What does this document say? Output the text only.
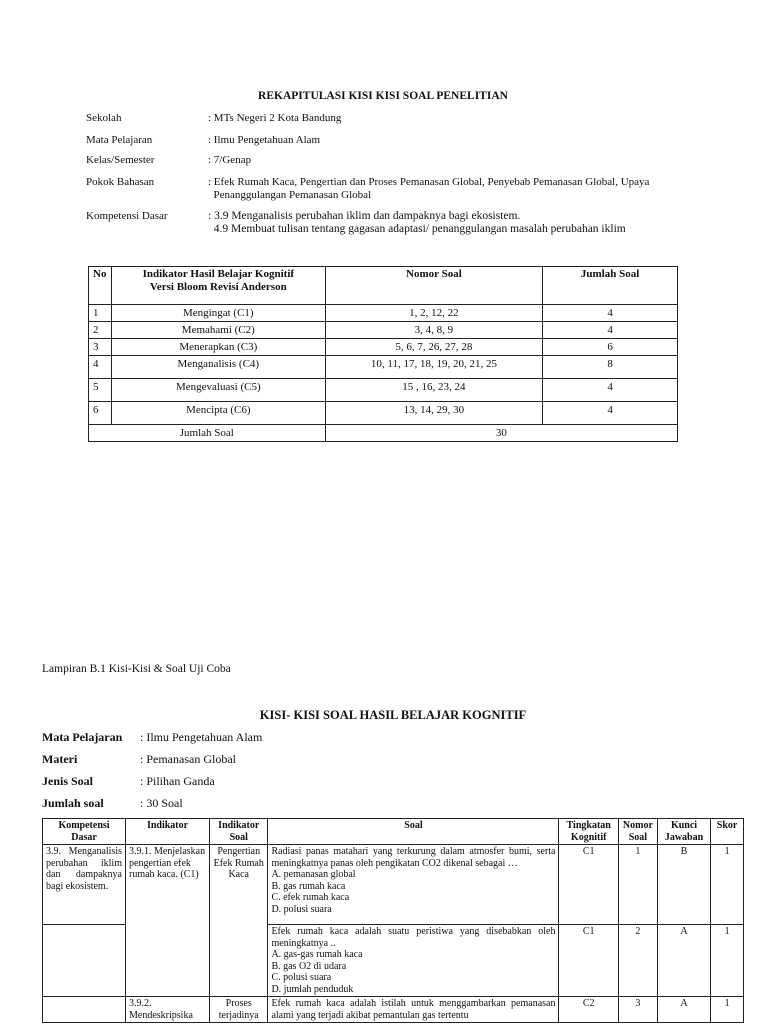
REKAPITULASI KISI KISI SOAL PENELITIAN
Sekolah	: MTs Negeri 2 Kota Bandung
Mata Pelajaran	: Ilmu Pengetahuan Alam
Kelas/Semester	: 7/Genap
Pokok Bahasan	: Efek Rumah Kaca, Pengertian dan Proses Pemanasan Global, Penyebab Pemanasan Global, Upaya
Penanggulangan Pemanasan Global
Kompetensi Dasar	: 3.9 Menganalisis perubahan iklim dan dampaknya bagi ekosistem.
4.9 Membuat tulisan tentang gagasan adaptasi/ penanggulangan masalah perubahan iklim
No	Indikator Hasil Belajar Kognitif
Versi Bloom Revisi Anderson	Nomor Soal	Jumlah Soal
1	Mengingat (C1)	1, 2, 12, 22	4
2	Memahami (C2)	3, 4, 8, 9	4
3	Menerapkan (C3)	5, 6, 7, 26, 27, 28	6
4	Menganalisis (C4)	10, 11, 17, 18, 19, 20, 21, 25	8
5	Mengevaluasi (C5)	15 , 16, 23, 24	4
6	Mencipta (C6)	13, 14, 29, 30	4
Jumlah Soal		30	
Lampiran B.1 Kisi-Kisi & Soal Uji Coba
KISI- KISI SOAL HASIL BELAJAR KOGNITIF
Mata Pelajaran : Ilmu Pengetahuan Alam
Materi	: Pemanasan Global
Jenis Soal	: Pilihan Ganda
Jumlah soal	: 30 Soal
Kompetensi Dasar	Indikator	Indikator Soal	Soal	Tingkatan Kognitif	Nomor Soal	Kunci Jawaban	Skor
3.9. Menganalisis perubahan iklim dan dampaknya bagi ekosistem.	3.9.1. Menjelaskan pengertian efek rumah kaca. (C1)	Pengertian Efek Rumah Kaca	Radiasi panas matahari yang terkurung dalam atmosfer bumi, serta meningkatnya panas oleh pengikatan CO2 dikenal sebagai …
A. pemanasan global
B. gas rumah kaca
C. efek rumah kaca
D. polusi suara	C1	1	B	1
			Efek rumah kaca adalah suatu peristiwa yang disebabkan oleh meningkatnya ..
A. gas-gas rumah kaca
B. gas O2 di udara
C. polusi suara
D. jumlah penduduk	C1	2	A	1
	3.9.2. Mendeskripsika	Proses terjadinya	Efek rumah kaca adalah istilah untuk menggambarkan pemanasan alami yang terjadi akibat pemantulan gas tertentu	C2	3	A	1
